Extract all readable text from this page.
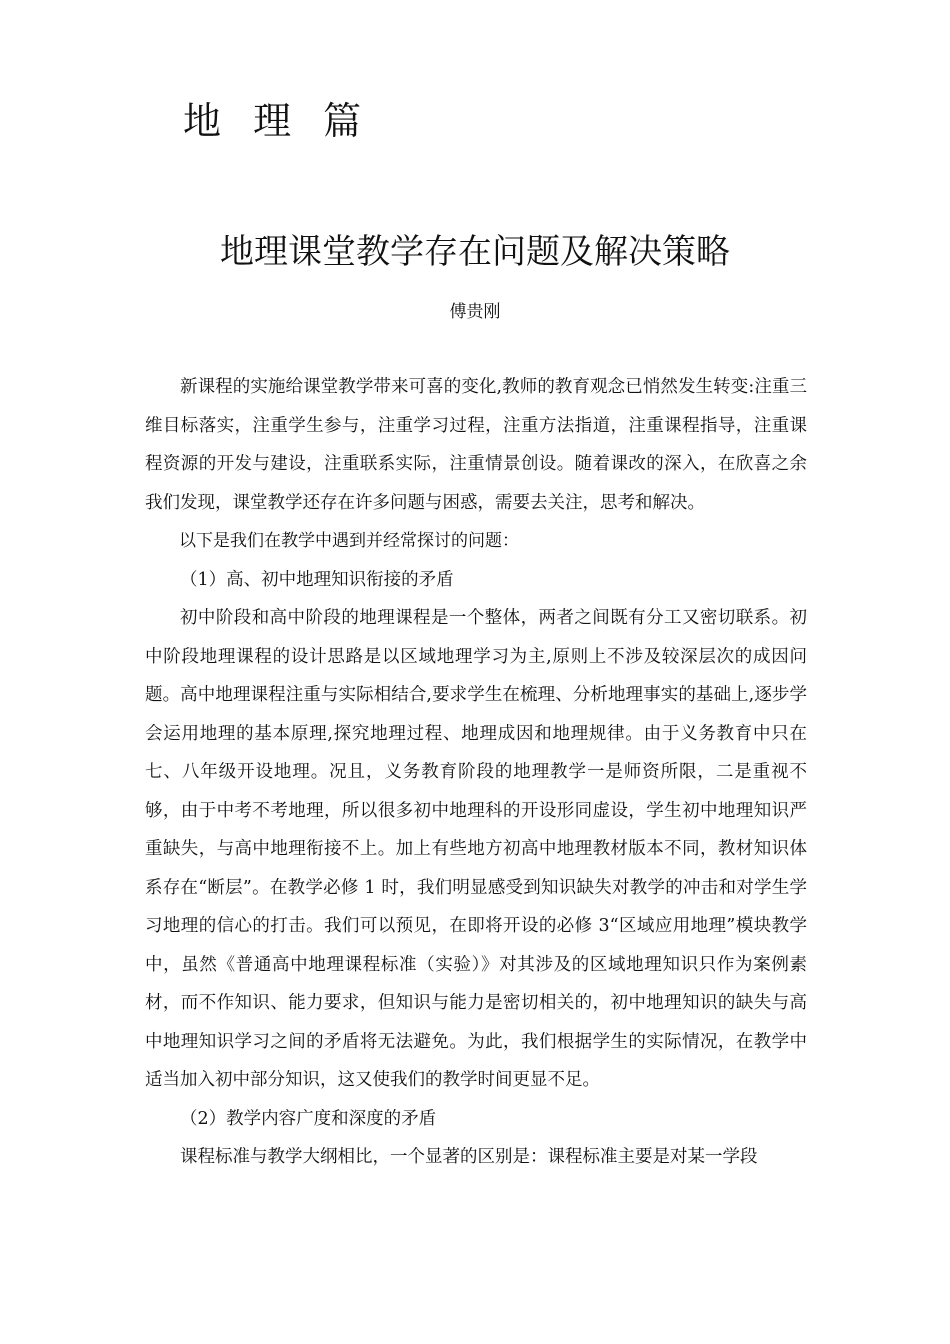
地 理 篇
地理课堂教学存在问题及解决策略
傅贵刚

新课程的实施给课堂教学带来可喜的变化,教师的教育观念已悄然发生转变:注重三维目标落实，注重学生参与，注重学习过程，注重方法指道，注重课程指导，注重课程资源的开发与建设，注重联系实际，注重情景创设。随着课改的深入，在欣喜之余我们发现，课堂教学还存在许多问题与困惑，需要去关注，思考和解决。

以下是我们在教学中遇到并经常探讨的问题：

（1）高、初中地理知识衔接的矛盾

初中阶段和高中阶段的地理课程是一个整体，两者之间既有分工又密切联系。初中阶段地理课程的设计思路是以区域地理学习为主,原则上不涉及较深层次的成因问题。高中地理课程注重与实际相结合,要求学生在梳理、分析地理事实的基础上,逐步学会运用地理的基本原理,探究地理过程、地理成因和地理规律。由于义务教育中只在七、八年级开设地理。况且，义务教育阶段的地理教学一是师资所限，二是重视不够，由于中考不考地理，所以很多初中地理科的开设形同虚设，学生初中地理知识严重缺失，与高中地理衔接不上。加上有些地方初高中地理教材版本不同，教材知识体系存在“断层”。在教学必修 1 时，我们明显感受到知识缺失对教学的冲击和对学生学习地理的信心的打击。我们可以预见，在即将开设的必修 3“区域应用地理”模块教学中，虽然《普通高中地理课程标准（实验）》对其涉及的区域地理知识只作为案例素材，而不作知识、能力要求，但知识与能力是密切相关的，初中地理知识的缺失与高中地理知识学习之间的矛盾将无法避免。为此，我们根据学生的实际情况，在教学中适当加入初中部分知识，这又使我们的教学时间更显不足。

（2）教学内容广度和深度的矛盾

课程标准与教学大纲相比，一个显著的区别是：课程标准主要是对某一学段
